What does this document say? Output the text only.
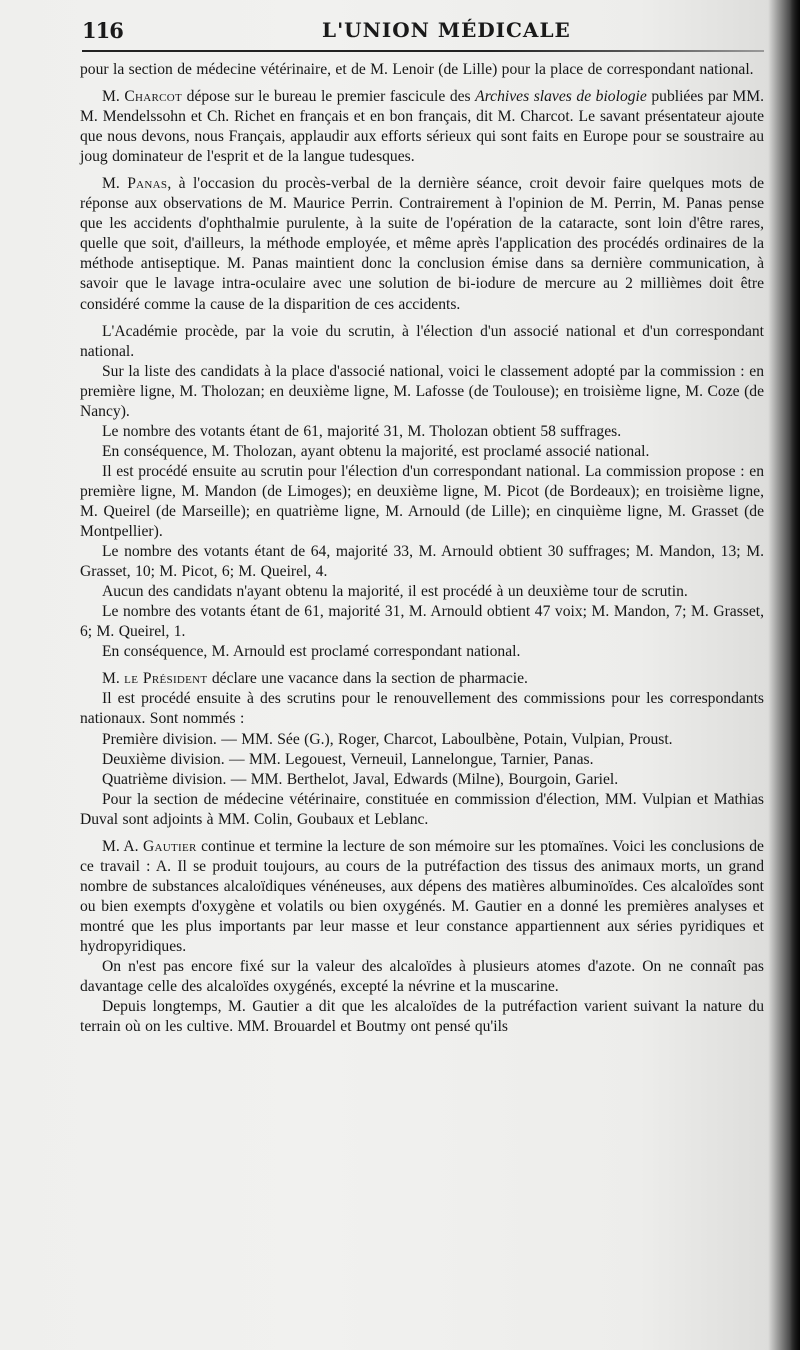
116	L'UNION MÉDICALE

pour la section de médecine vétérinaire, et de M. Lenoir (de Lille) pour la place de correspondant national.

M. Charcot dépose sur le bureau le premier fascicule des Archives slaves de biologie publiées par MM. M. Mendelssohn et Ch. Richet en français et en bon français, dit M. Charcot. Le savant présentateur ajoute que nous devons, nous Français, applaudir aux efforts sérieux qui sont faits en Europe pour se soustraire au joug dominateur de l'esprit et de la langue tudesques.

M. Panas, à l'occasion du procès-verbal de la dernière séance, croit devoir faire quelques mots de réponse aux observations de M. Maurice Perrin. Contrairement à l'opinion de M. Perrin, M. Panas pense que les accidents d'ophthalmie purulente, à la suite de l'opération de la cataracte, sont loin d'être rares, quelle que soit, d'ailleurs, la méthode employée, et même après l'application des procédés ordinaires de la méthode antiseptique. M. Panas maintient donc la conclusion émise dans sa dernière communication, à savoir que le lavage intra-oculaire avec une solution de bi-iodure de mercure au 2 millièmes doit être considéré comme la cause de la disparition de ces accidents.

L'Académie procède, par la voie du scrutin, à l'élection d'un associé national et d'un correspondant national.

Sur la liste des candidats à la place d'associé national, voici le classement adopté par la commission : en première ligne, M. Tholozan; en deuxième ligne, M. Lafosse (de Toulouse); en troisième ligne, M. Coze (de Nancy).

Le nombre des votants étant de 61, majorité 31, M. Tholozan obtient 58 suffrages.

En conséquence, M. Tholozan, ayant obtenu la majorité, est proclamé associé national.

Il est procédé ensuite au scrutin pour l'élection d'un correspondant national. La commission propose : en première ligne, M. Mandon (de Limoges); en deuxième ligne, M. Picot (de Bordeaux); en troisième ligne, M. Queirel (de Marseille); en quatrième ligne, M. Arnould (de Lille); en cinquième ligne, M. Grasset (de Montpellier).

Le nombre des votants étant de 64, majorité 33, M. Arnould obtient 30 suffrages; M. Mandon, 13; M. Grasset, 10; M. Picot, 6; M. Queirel, 4.

Aucun des candidats n'ayant obtenu la majorité, il est procédé à un deuxième tour de scrutin.

Le nombre des votants étant de 61, majorité 31, M. Arnould obtient 47 voix; M. Mandon, 7; M. Grasset, 6; M. Queirel, 1.

En conséquence, M. Arnould est proclamé correspondant national.

M. le Président déclare une vacance dans la section de pharmacie.

Il est procédé ensuite à des scrutins pour le renouvellement des commissions pour les correspondants nationaux. Sont nommés :

Première division. — MM. Sée (G.), Roger, Charcot, Laboulbène, Potain, Vulpian, Proust.

Deuxième division. — MM. Legouest, Verneuil, Lannelongue, Tarnier, Panas.

Quatrième division. — MM. Berthelot, Javal, Edwards (Milne), Bourgoin, Gariel.

Pour la section de médecine vétérinaire, constituée en commission d'élection, MM. Vulpian et Mathias Duval sont adjoints à MM. Colin, Goubaux et Leblanc.

M. A. Gautier continue et termine la lecture de son mémoire sur les ptomaïnes. Voici les conclusions de ce travail : A. Il se produit toujours, au cours de la putréfaction des tissus des animaux morts, un grand nombre de substances alcaloïdiques vénéneuses, aux dépens des matières albuminoïdes. Ces alcaloïdes sont ou bien exempts d'oxygène et volatils ou bien oxygénés. M. Gautier en a donné les premières analyses et montré que les plus importants par leur masse et leur constance appartiennent aux séries pyridiques et hydropyridiques.

On n'est pas encore fixé sur la valeur des alcaloïdes à plusieurs atomes d'azote. On ne connaît pas davantage celle des alcaloïdes oxygénés, excepté la névrine et la muscarine.

Depuis longtemps, M. Gautier a dit que les alcaloïdes de la putréfaction varient suivant la nature du terrain où on les cultive. MM. Brouardel et Boutmy ont pensé qu'ils
